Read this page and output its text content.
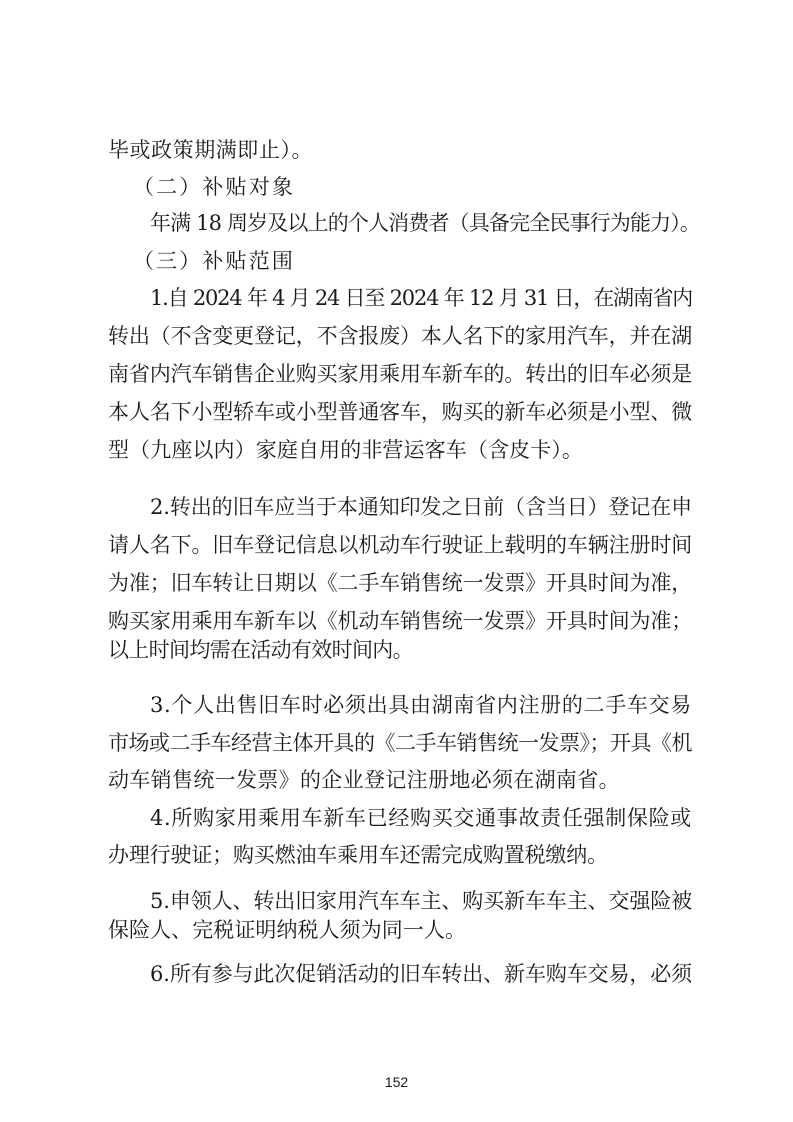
毕或政策期满即止）。
（二）补贴对象
年满 18 周岁及以上的个人消费者（具备完全民事行为能力）。
（三）补贴范围
1.自 2024 年 4 月 24 日至 2024 年 12 月 31 日，在湖南省内
转出（不含变更登记，不含报废）本人名下的家用汽车，并在湖
南省内汽车销售企业购买家用乘用车新车的。转出的旧车必须是
本人名下小型轿车或小型普通客车，购买的新车必须是小型、微
型（九座以内）家庭自用的非营运客车（含皮卡）。
2.转出的旧车应当于本通知印发之日前（含当日）登记在申
请人名下。旧车登记信息以机动车行驶证上载明的车辆注册时间
为准；旧车转让日期以《二手车销售统一发票》开具时间为准，
购买家用乘用车新车以《机动车销售统一发票》开具时间为准；
以上时间均需在活动有效时间内。
3.个人出售旧车时必须出具由湖南省内注册的二手车交易
市场或二手车经营主体开具的《二手车销售统一发票》；开具《机
动车销售统一发票》的企业登记注册地必须在湖南省。
4.所购家用乘用车新车已经购买交通事故责任强制保险或
办理行驶证；购买燃油车乘用车还需完成购置税缴纳。
5.申领人、转出旧家用汽车车主、购买新车车主、交强险被
保险人、完税证明纳税人须为同一人。
6.所有参与此次促销活动的旧车转出、新车购车交易，必须
152
